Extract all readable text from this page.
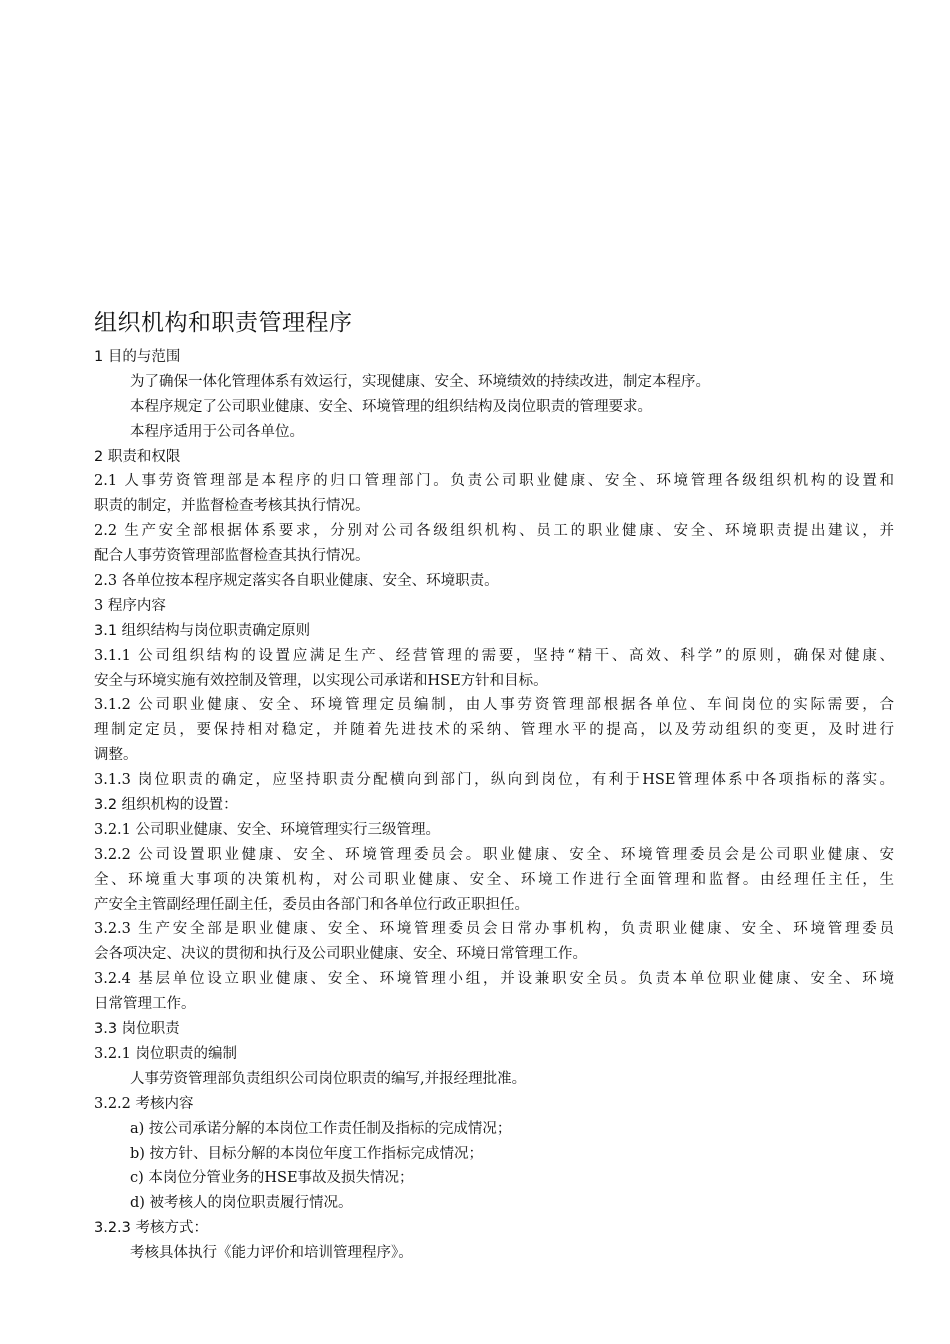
组织机构和职责管理程序
1 目的与范围
为了确保一体化管理体系有效运行，实现健康、安全、环境绩效的持续改进，制定本程序。
本程序规定了公司职业健康、安全、环境管理的组织结构及岗位职责的管理要求。
本程序适用于公司各单位。
2 职责和权限
2.1 人事劳资管理部是本程序的归口管理部门。负责公司职业健康、安全、环境管理各级组织机构的设置和
职责的制定，并监督检查考核其执行情况。
2.2 生产安全部根据体系要求，分别对公司各级组织机构、员工的职业健康、安全、环境职责提出建议，并
配合人事劳资管理部监督检查其执行情况。
2.3 各单位按本程序规定落实各自职业健康、安全、环境职责。
3 程序内容
3.1 组织结构与岗位职责确定原则
3.1.1 公司组织结构的设置应满足生产、经营管理的需要，坚持“精干、高效、科学”的原则，确保对健康、
安全与环境实施有效控制及管理，以实现公司承诺和HSE方针和目标。
3.1.2 公司职业健康、安全、环境管理定员编制，由人事劳资管理部根据各单位、车间岗位的实际需要，合
理制定定员，要保持相对稳定，并随着先进技术的采纳、管理水平的提高，以及劳动组织的变更，及时进行
调整。
3.1.3 岗位职责的确定，应坚持职责分配横向到部门，纵向到岗位，有利于HSE管理体系中各项指标的落实。
3.2 组织机构的设置：
3.2.1 公司职业健康、安全、环境管理实行三级管理。
3.2.2 公司设置职业健康、安全、环境管理委员会。职业健康、安全、环境管理委员会是公司职业健康、安
全、环境重大事项的决策机构，对公司职业健康、安全、环境工作进行全面管理和监督。由经理任主任，生
产安全主管副经理任副主任，委员由各部门和各单位行政正职担任。
3.2.3 生产安全部是职业健康、安全、环境管理委员会日常办事机构，负责职业健康、安全、环境管理委员
会各项决定、决议的贯彻和执行及公司职业健康、安全、环境日常管理工作。
3.2.4 基层单位设立职业健康、安全、环境管理小组，并设兼职安全员。负责本单位职业健康、安全、环境
日常管理工作。
3.3 岗位职责
3.2.1 岗位职责的编制
人事劳资管理部负责组织公司岗位职责的编写,并报经理批准。
3.2.2 考核内容
a) 按公司承诺分解的本岗位工作责任制及指标的完成情况；
b) 按方针、目标分解的本岗位年度工作指标完成情况；
c) 本岗位分管业务的HSE事故及损失情况；
d) 被考核人的岗位职责履行情况。
3.2.3 考核方式：
考核具体执行《能力评价和培训管理程序》。
